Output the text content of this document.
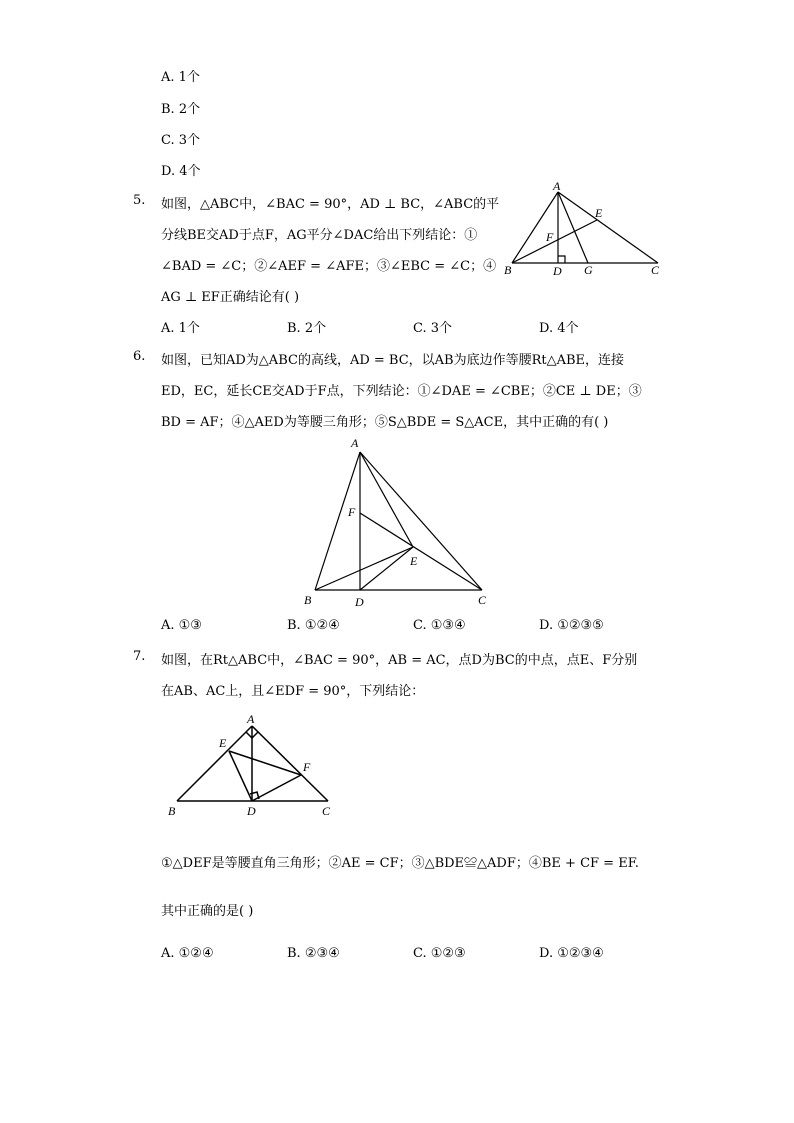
A. 1个
B. 2个
C. 3个
D. 4个
5. 如图，△ABC中，∠BAC = 90°，AD ⊥ BC，∠ABC的平
分线BE交AD于点F，AG平分∠DAC给出下列结论：①
∠BAD = ∠C；②∠AEF = ∠AFE；③∠EBC = ∠C；④
AG ⊥ EF正确结论有( )
A
B	C
D
E
F
G
A. 1个	B. 2个	C. 3个	D. 4个
6. 如图，已知AD为△ABC的高线，AD = BC，以AB为底边作等腰Rt△ABE，连接
ED，EC，延长CE交AD于F点，下列结论：①∠DAE = ∠CBE；②CE ⊥ DE；③
BD = AF；④△AED为等腰三角形；⑤S△BDE = S△ACE，其中正确的有( )
A
B	C
D
E
F
A. ①③	B. ①②④	C. ①③④	D. ①②③⑤
7. 如图，在Rt△ABC中，∠BAC = 90°，AB = AC，点D为BC的中点，点E、F分别
在AB、AC上，且∠EDF = 90°，下列结论：
A
B	C
D
E
F
①△DEF是等腰直角三角形；②AE = CF；③△BDE≌△ADF；④BE + CF = EF.
其中正确的是( )
A. ①②④	B. ②③④	C. ①②③	D. ①②③④
